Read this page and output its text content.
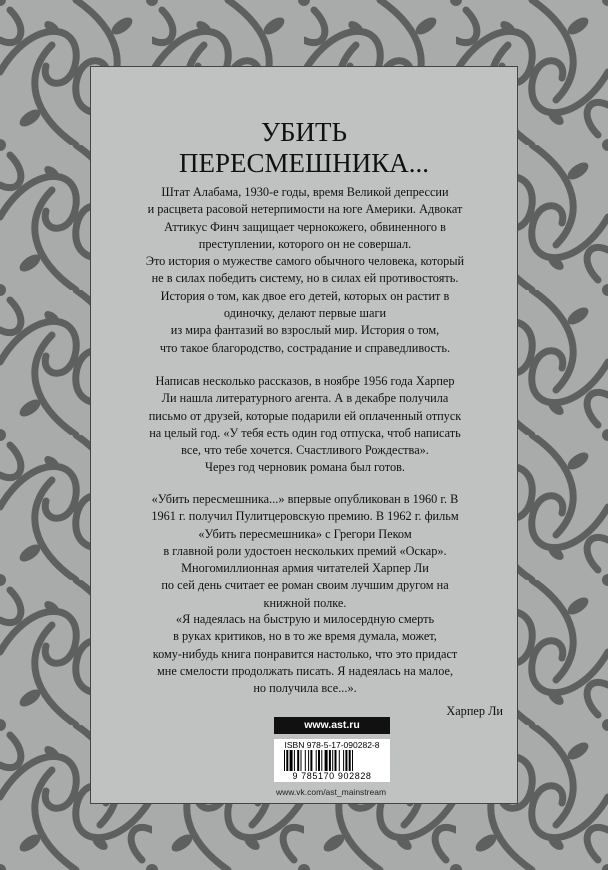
УБИТЬ
ПЕРЕСМЕШНИКА...
Штат Алабама, 1930-е годы, время Великой депрессии
и расцвета расовой нетерпимости на юге Америки. Адвокат
Аттикус Финч защищает чернокожего, обвиненного в
преступлении, которого он не совершал.
Это история о мужестве самого обычного человека, который
не в силах победить систему, но в силах ей противостоять.
История о том, как двое его детей, которых он растит в
одиночку, делают первые шаги
из мира фантазий во взрослый мир. История о том,
что такое благородство, сострадание и справедливость.
Написав несколько рассказов, в ноябре 1956 года Харпер
Ли нашла литературного агента. А в декабре получила
письмо от друзей, которые подарили ей оплаченный отпуск
на целый год. «У тебя есть один год отпуска, чтоб написать
все, что тебе хочется. Счастливого Рождества».
Через год черновик романа был готов.
«Убить пересмешника...» впервые опубликован в 1960 г. В
1961 г. получил Пулитцеровскую премию. В 1962 г. фильм
«Убить пересмешника» с Грегори Пеком
в главной роли удостоен нескольких премий «Оскар».
Многомиллионная армия читателей Харпер Ли
по сей день считает ее роман своим лучшим другом на
книжной полке.
«Я надеялась на быструю и милосердную смерть
в руках критиков, но в то же время думала, может,
кому-нибудь книга понравится настолько, что это придаст
мне смелости продолжать писать. Я надеялась на малое,
но получила все...».
Харпер Ли
www.ast.ru
ISBN 978-5-17-090282-8
9 785170 902828
www.vk.com/ast_mainstream
